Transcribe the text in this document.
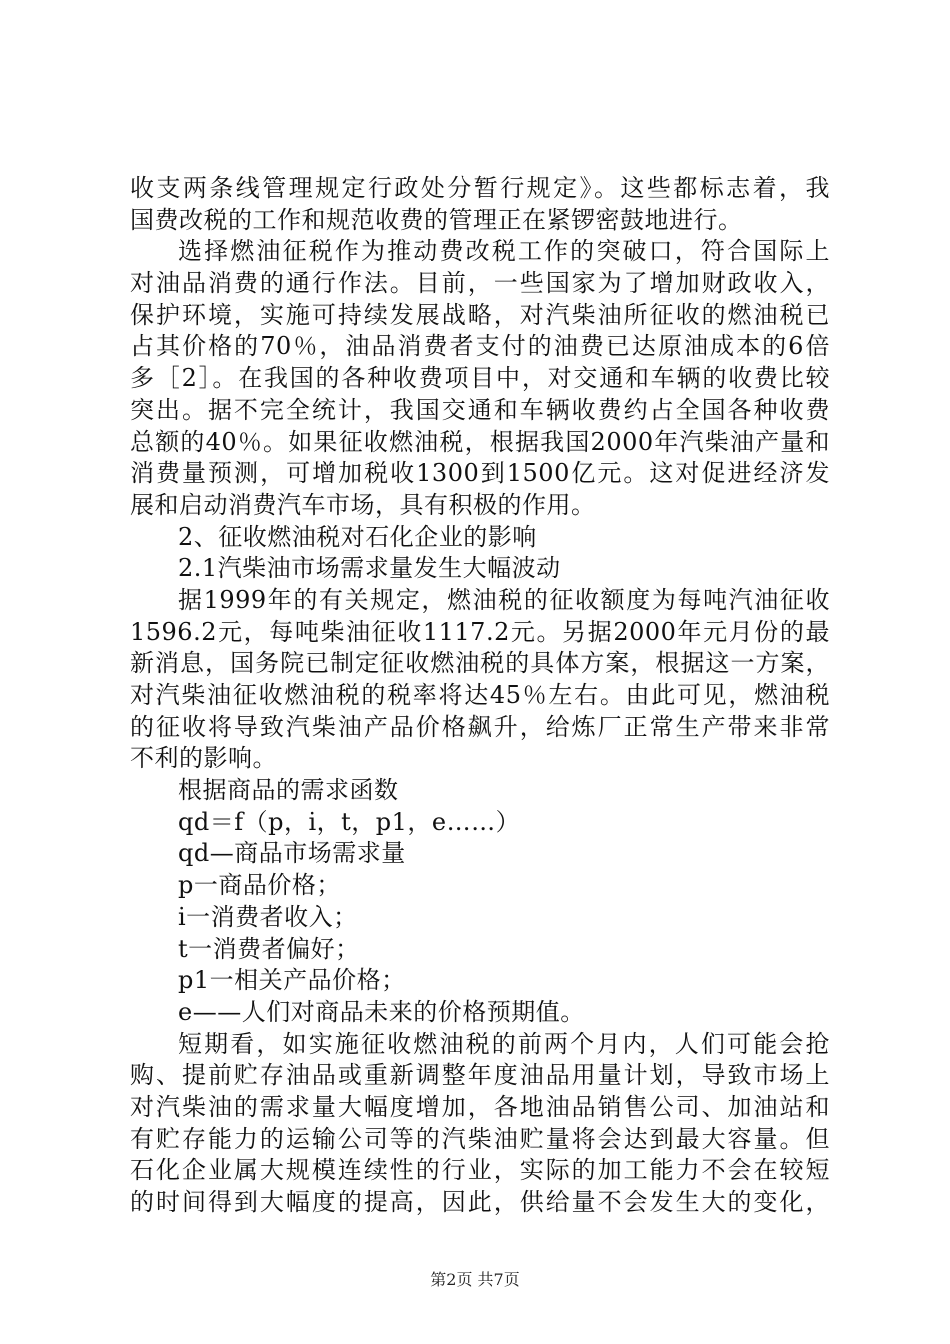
收支两条线管理规定行政处分暂行规定》。这些都标志着，我
国费改税的工作和规范收费的管理正在紧锣密鼓地进行。
选择燃油征税作为推动费改税工作的突破口，符合国际上
对油品消费的通行作法。目前，一些国家为了增加财政收入，
保护环境，实施可持续发展战略，对汽柴油所征收的燃油税已
占其价格的70％，油品消费者支付的油费已达原油成本的6倍
多［2］。在我国的各种收费项目中，对交通和车辆的收费比较
突出。据不完全统计，我国交通和车辆收费约占全国各种收费
总额的40％。如果征收燃油税，根据我国2000年汽柴油产量和
消费量预测，可增加税收1300到1500亿元。这对促进经济发
展和启动消费汽车市场，具有积极的作用。
2、征收燃油税对石化企业的影响
2.1汽柴油市场需求量发生大幅波动
据1999年的有关规定，燃油税的征收额度为每吨汽油征收
1596.2元，每吨柴油征收1117.2元。另据2000年元月份的最
新消息，国务院已制定征收燃油税的具体方案，根据这一方案，
对汽柴油征收燃油税的税率将达45％左右。由此可见，燃油税
的征收将导致汽柴油产品价格飙升，给炼厂正常生产带来非常
不利的影响。
根据商品的需求函数
qd＝f（p，i，t，p1，e……）
qd—商品市场需求量
p一商品价格；
i一消费者收入；
t一消费者偏好；
p1一相关产品价格；
e——人们对商品未来的价格预期值。
短期看，如实施征收燃油税的前两个月内，人们可能会抢
购、提前贮存油品或重新调整年度油品用量计划，导致市场上
对汽柴油的需求量大幅度增加，各地油品销售公司、加油站和
有贮存能力的运输公司等的汽柴油贮量将会达到最大容量。但
石化企业属大规模连续性的行业，实际的加工能力不会在较短
的时间得到大幅度的提高，因此，供给量不会发生大的变化，
第2页 共7页
